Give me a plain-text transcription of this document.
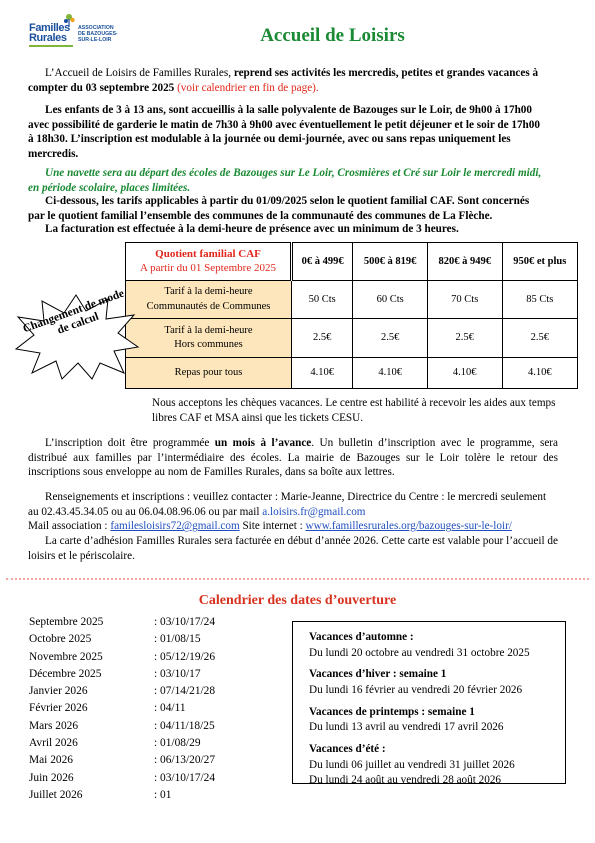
Familles
Rurales
ASSOCIATION
DE BAZOUGES-
SUR-LE-LOIR	Accueil de Loisirs

L’Accueil de Loisirs de Familles Rurales, reprend ses activités les mercredis, petites et grandes vacances à compter du 03 septembre 2025 (voir calendrier en fin de page).

Les enfants de 3 à 13 ans, sont accueillis à la salle polyvalente de Bazouges sur le Loir, de 9h00 à 17h00 avec possibilité de garderie le matin de 7h30 à 9h00 avec éventuellement le petit déjeuner et le soir de 17h00 à 18h30. L’inscription est modulable à la journée ou demi-journée, avec ou sans repas uniquement les mercredis.

Une navette sera au départ des écoles de Bazouges sur Le Loir, Crosmières et Cré sur Loir le mercredi midi, en période scolaire, places limitées.

Ci-dessous, les tarifs applicables à partir du 01/09/2025 selon le quotient familial CAF. Sont concernés par le quotient familial l’ensemble des communes de la communauté des communes de La Flèche.

La facturation est effectuée à la demi-heure de présence avec un minimum de 3 heures.

Quotient familial CAF
A partir du 01 Septembre 2025	0€ à 499€	500€ à 819€	820€ à 949€	950€ et plus
Tarif à la demi-heure
Communautés de Communes	50 Cts	60 Cts	70 Cts	85 Cts
Tarif à la demi-heure
Hors communes	2.5€	2.5€	2.5€	2.5€
Repas pour tous	4.10€	4.10€	4.10€	4.10€
Changement de mode de calcul

Nous acceptons les chèques vacances. Le centre est habilité à recevoir les aides aux temps libres CAF et MSA ainsi que les tickets CESU.

L’inscription doit être programmée un mois à l’avance. Un bulletin d’inscription avec le programme, sera distribué aux familles par l’intermédiaire des écoles. La mairie de Bazouges sur le Loir tolère le retour des inscriptions sous enveloppe au nom de Familles Rurales, dans sa boîte aux lettres.

Renseignements et inscriptions : veuillez contacter : Marie-Jeanne, Directrice du Centre : le mercredi seulement au 02.43.45.34.05 ou au 06.04.08.96.06 ou par mail a.loisirs.fr@gmail.com

Mail association : familesloisirs72@gmail.com Site internet : www.famillesrurales.org/bazouges-sur-le-loir/

La carte d’adhésion Familles Rurales sera facturée en début d’année 2026. Cette carte est valable pour l’accueil de loisirs et le périscolaire.

Calendrier des dates d’ouverture
Septembre 2025	: 03/10/17/24
Octobre 2025	: 01/08/15
Novembre 2025	: 05/12/19/26
Décembre 2025	: 03/10/17
Janvier 2026	: 07/14/21/28
Février 2026	: 04/11
Mars 2026	: 04/11/18/25
Avril 2026	: 01/08/29
Mai 2026	: 06/13/20/27
Juin 2026	: 03/10/17/24
Juillet 2026	: 01
Vacances d’automne :
Du lundi 20 octobre au vendredi 31 octobre 2025
Vacances d’hiver : semaine 1
Du lundi 16 février au vendredi 20 février 2026
Vacances de printemps : semaine 1
Du lundi 13 avril au vendredi 17 avril 2026
Vacances d’été :
Du lundi 06 juillet au vendredi 31 juillet 2026
Du lundi 24 août au vendredi 28 août 2026
